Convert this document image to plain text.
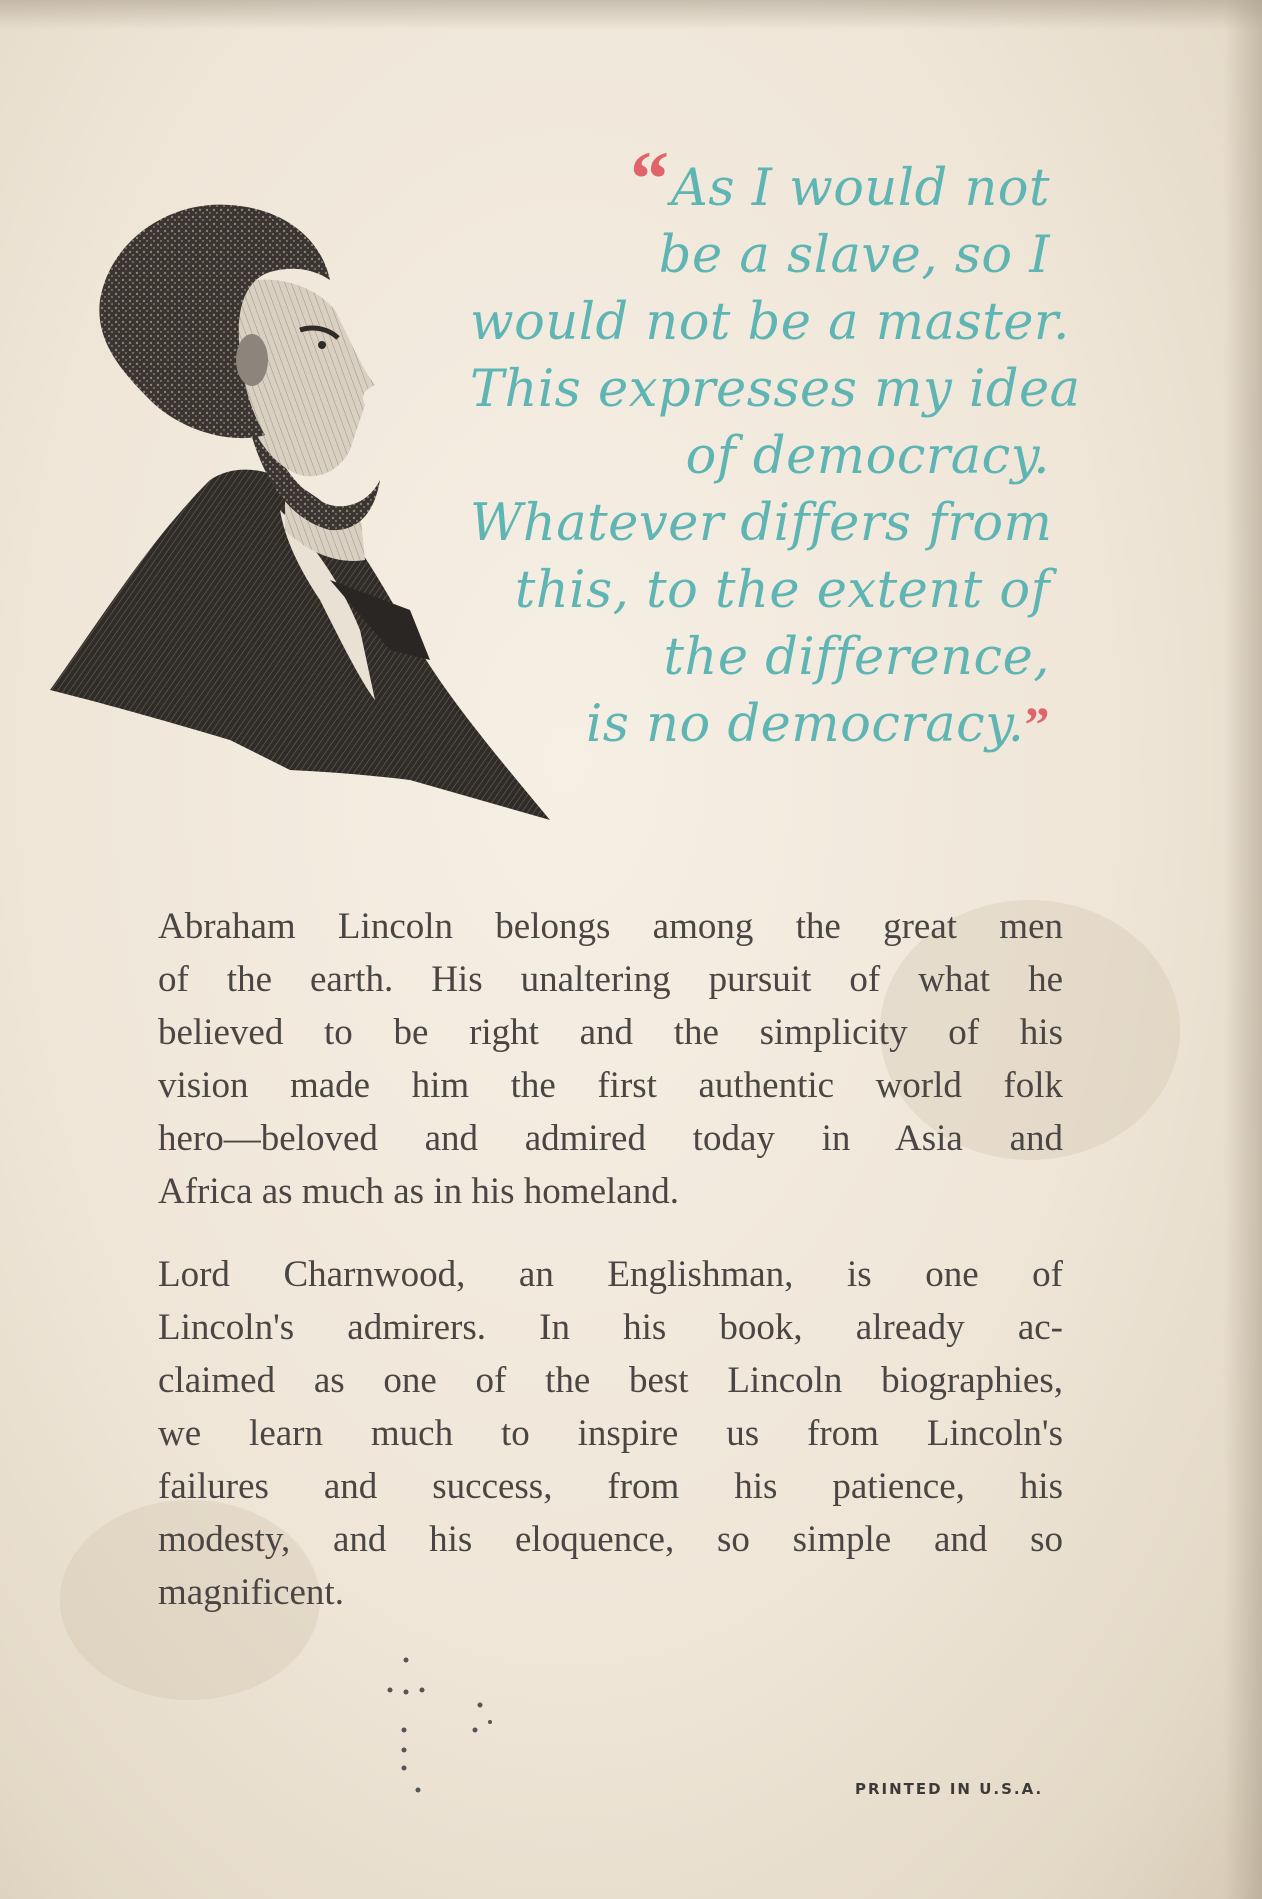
“ As I would not
be a slave, so I
would not be a master.
This expresses my idea
of democracy.
Whatever differs from
this, to the extent of
the difference,
is no democracy.”
Abraham Lincoln belongs among the great men
of the earth. His unaltering pursuit of what he
believed to be right and the simplicity of his
vision made him the first authentic world folk
hero—beloved and admired today in Asia and
Africa as much as in his homeland.
Lord Charnwood, an Englishman, is one of
Lincoln's admirers. In his book, already ac-
claimed as one of the best Lincoln biographies,
we learn much to inspire us from Lincoln's
failures and success, from his patience, his
modesty, and his eloquence, so simple and so
magnificent.
PRINTED IN U.S.A.
